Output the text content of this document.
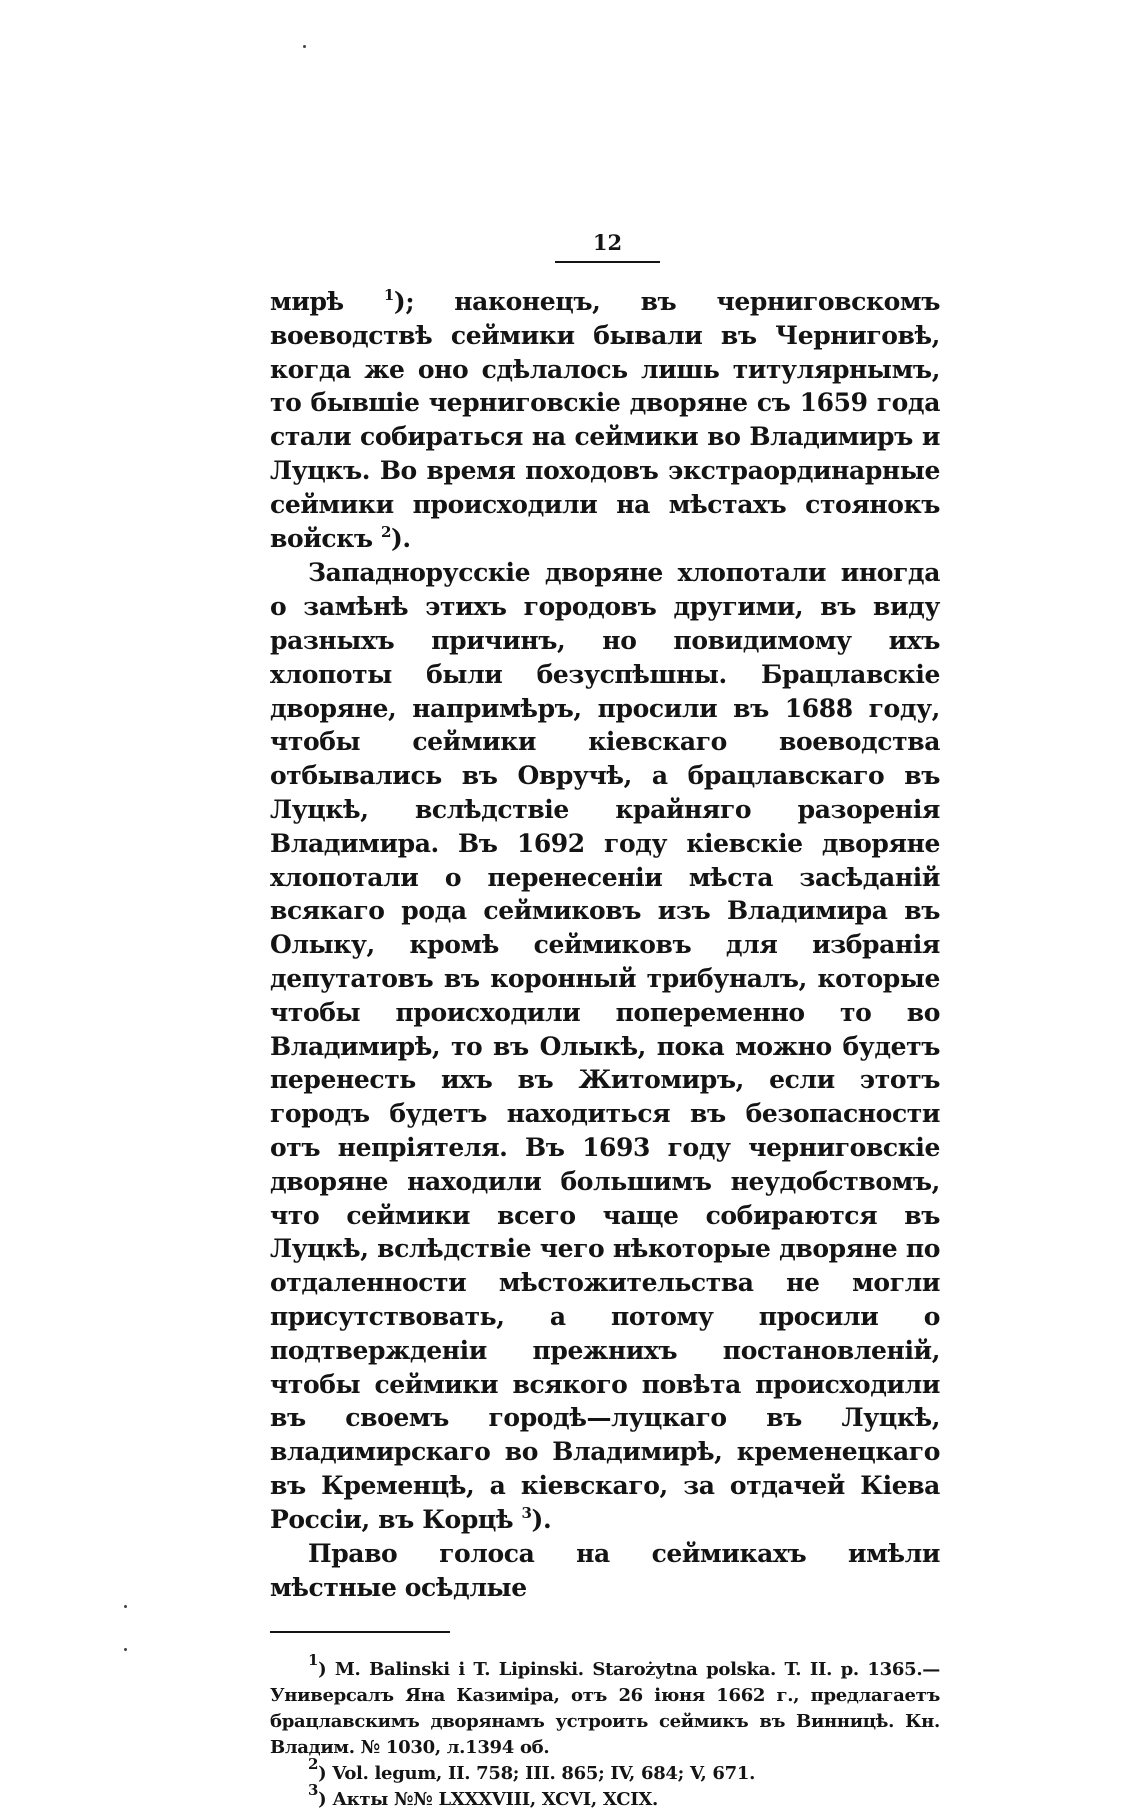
12

мирѣ $^1$); наконецъ, въ черниговскомъ воеводствѣ сеймики бывали въ Черниговѣ, когда же оно сдѣлалось лишь титулярнымъ, то бывшіе черниговскіе дворяне съ 1659 года стали собираться на сеймики во Владимиръ и Луцкъ. Во время походовъ экстраординарные сеймики происходили на мѣстахъ стоянокъ войскъ $^2$).

Западнорусскіе дворяне хлопотали иногда о замѣнѣ этихъ городовъ другими, въ виду разныхъ причинъ, но повидимому ихъ хлопоты были безуспѣшны. Брацлавскіе дворяне, напримѣръ, просили въ 1688 году, чтобы сеймики кіевскаго воеводства отбывались въ Овручѣ, а брацлавскаго въ Луцкѣ, вслѣдствіе крайняго разоренія Владимира. Въ 1692 году кіевскіе дворяне хлопотали о перенесеніи мѣста засѣданій всякаго рода сеймиковъ изъ Владимира въ Олыку, кромѣ сеймиковъ для избранія депутатовъ въ коронный трибуналъ, которые чтобы происходили попеременно то во Владимирѣ, то въ Олыкѣ, пока можно будетъ перенесть ихъ въ Житомиръ, если этотъ городъ будетъ находиться въ безопасности отъ непріятеля. Въ 1693 году черниговскіе дворяне находили большимъ неудобствомъ, что сеймики всего чаще собираются въ Луцкѣ, вслѣдствіе чего нѣкоторые дворяне по отдаленности мѣстожительства не могли присутствовать, а потому просили о подтвержденіи прежнихъ постановленій, чтобы сеймики всякого повѣта происходили въ своемъ городѣ—луцкаго въ Луцкѣ, владимирскаго во Владимирѣ, кременецкаго въ Кременцѣ, а кіевскаго, за отдачей Кіева Россіи, въ Корцѣ $^3$).

Право голоса на сеймикахъ имѣли мѣстные осѣдлые

$^1$) M. Balinski i T. Lipinski. Starożytna polska. T. II. p. 1365.—Универсалъ Яна Казиміра, отъ 26 іюня 1662 г., предлагаетъ брацлавскимъ дворянамъ устроить сеймикъ въ Винницѣ. Кн. Владим. № 1030, л.1394 об.

$^2$) Vol. legum, II. 758; III. 865; IV, 684; V, 671.

$^3$) Акты №№ LXXXVIII, XCVI, XCIX.
